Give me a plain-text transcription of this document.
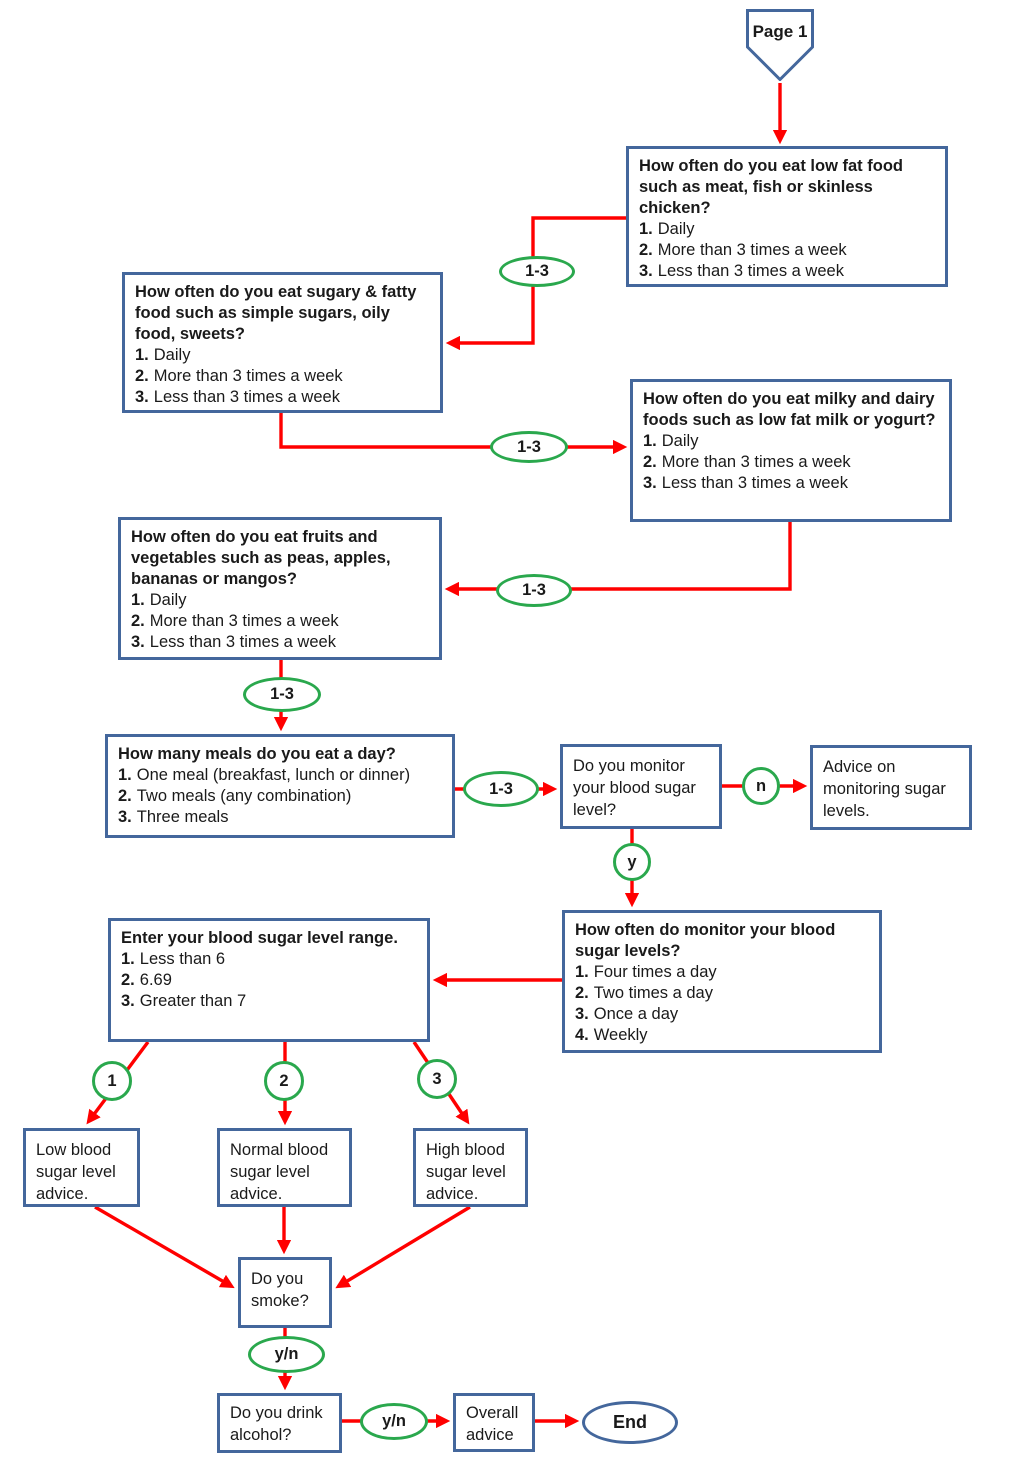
Page 1
How often do you eat low fat food such as meat, fish or skinless chicken?
1. Daily
2. More than 3 times a week
3. Less than 3 times a week
How often do you eat sugary & fatty food such as simple sugars, oily food, sweets?
1. Daily
2. More than 3 times a week
3. Less than 3 times a week	How often do you eat milky and dairy foods such as low fat milk or yogurt?
1. Daily
2. More than 3 times a week
3. Less than 3 times a week
How often do you eat fruits and vegetables such as peas, apples, bananas or mangos?
1. Daily
2. More than 3 times a week
3. Less than 3 times a week
How many meals do you eat a day?
1. One meal (breakfast, lunch or dinner)
2. Two meals (any combination)
3. Three meals
Do you monitor your blood sugar level?
Advice on monitoring sugar levels.
How often do monitor your blood sugar levels?
1. Four times a day
2. Two times a day
3. Once a day
4. Weekly
Enter your blood sugar level range.
1. Less than 6
2. 6.69
3. Greater than 7
Low blood sugar level advice.
Normal blood sugar level advice.
High blood sugar level advice.
Do you smoke?
Do you drink alcohol?
Overall advice
1-3
1-3
1-3
1-3
1-3	n
y
1	2	3
y/n
y/n	End
